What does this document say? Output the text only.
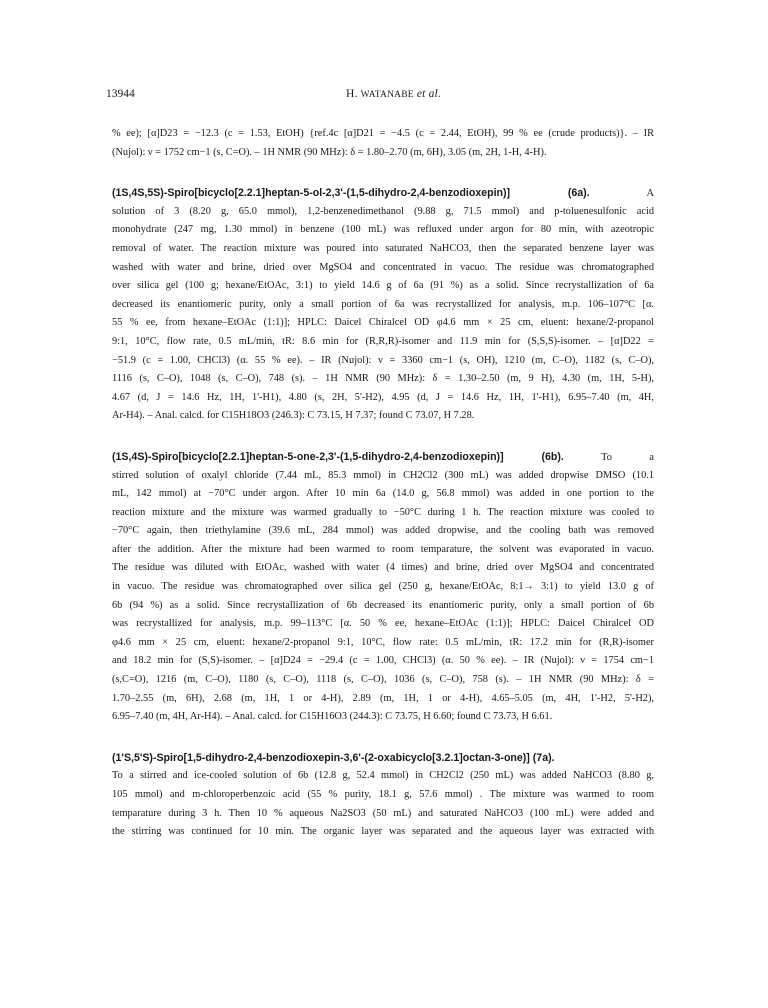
13944	H. WATANABE et al.
% ee); [α]D23 = −12.3 (c = 1.53, EtOH) {ref.4c [α]D21 = −4.5 (c = 2.44, EtOH), 99 % ee (crude products)}. – IR
(Nujol): ν = 1752 cm−1 (s, C=O). – 1H NMR (90 MHz): δ = 1.80–2.70 (m, 6H), 3.05 (m, 2H, 1-H, 4-H).
(1S,4S,5S)-Spiro[bicyclo[2.2.1]heptan-5-ol-2,3'-(1,5-dihydro-2,4-benzodioxepin)] (6a). A
solution of 3 (8.20 g, 65.0 mmol), 1,2-benzenedimethanol (9.88 g, 71.5 mmol) and p-toluenesulfonic acid
monohydrate (247 mg, 1.30 mmol) in benzene (100 mL) was refluxed under argon for 80 min, with azeotropic
removal of water. The reaction mixture was poured into saturated NaHCO3, then the separated benzene layer was
washed with water and brine, dried over MgSO4 and concentrated in vacuo. The residue was chromatographed
over silica gel (100 g; hexane/EtOAc, 3:1) to yield 14.6 g of 6a (91 %) as a solid. Since recrystallization of 6a
decreased its enantiomeric purity, only a small portion of 6a was recrystallized for analysis, m.p. 106–107°C [α.
55 % ee, from hexane–EtOAc (1:1)]; HPLC: Daicel Chiralcel OD φ4.6 mm × 25 cm, eluent: hexane/2-propanol
9:1, 10°C, flow rate, 0.5 mL/min, tR: 8.6 min for (R,R,R)-isomer and 11.9 min for (S,S,S)-isomer. – [α]D22 =
−51.9 (c = 1.00, CHCl3) (α. 55 % ee). – IR (Nujol): ν = 3360 cm−1 (s, OH), 1210 (m, C–O), 1182 (s, C–O),
1116 (s, C–O), 1048 (s, C–O), 748 (s). – 1H NMR (90 MHz): δ = 1.30–2.50 (m, 9 H), 4.30 (m, 1H, 5-H),
4.67 (d, J = 14.6 Hz, 1H, 1'-H1), 4.80 (s, 2H, 5'-H2), 4.95 (d, J = 14.6 Hz, 1H, 1'-H1), 6.95–7.40 (m, 4H,
Ar-H4). – Anal. calcd. for C15H18O3 (246.3): C 73.15, H 7.37; found C 73.07, H 7.28.
(1S,4S)-Spiro[bicyclo[2.2.1]heptan-5-one-2,3'-(1,5-dihydro-2,4-benzodioxepin)] (6b). To a
stirred solution of oxalyl chloride (7.44 mL, 85.3 mmol) in CH2Cl2 (300 mL) was added dropwise DMSO (10.1
mL, 142 mmol) at −70°C under argon. After 10 min 6a (14.0 g, 56.8 mmol) was added in one portion to the
reaction mixture and the mixture was warmed gradually to −50°C during 1 h. The reaction mixture was cooled to
−70°C again, then triethylamine (39.6 mL, 284 mmol) was added dropwise, and the cooling bath was removed
after the addition. After the mixture had been warmed to room temparature, the solvent was evaporated in vacuo.
The residue was diluted with EtOAc, washed with water (4 times) and brine, dried over MgSO4 and concentrated
in vacuo. The residue was chromatographed over silica gel (250 g, hexane/EtOAc, 8:1→ 3:1) to yield 13.0 g of
6b (94 %) as a solid. Since recrystallization of 6b decreased its enantiomeric purity, only a small portion of 6b
was recrystallized for analysis, m.p. 99–113°C [α. 50 % ee, hexane–EtOAc (1:1)]; HPLC: Daicel Chiralcel OD
φ4.6 mm × 25 cm, eluent: hexane/2-propanol 9:1, 10°C, flow rate: 0.5 mL/min, tR: 17.2 min for (R,R)-isomer
and 18.2 min for (S,S)-isomer. – [α]D24 = −29.4 (c = 1.00, CHCl3) (α. 50 % ee). – IR (Nujol): ν = 1754 cm−1
(s,C=O), 1216 (m, C–O), 1180 (s, C–O), 1118 (s, C–O), 1036 (s, C–O), 758 (s). – 1H NMR (90 MHz): δ =
1.70–2.55 (m, 6H), 2.68 (m, 1H, 1 or 4-H), 2.89 (m, 1H, 1 or 4-H), 4.65–5.05 (m, 4H, 1'-H2, 5'-H2),
6.95–7.40 (m, 4H, Ar-H4). – Anal. calcd. for C15H16O3 (244.3): C 73.75, H 6.60; found C 73.73, H 6.61.
(1'S,5'S)-Spiro[1,5-dihydro-2,4-benzodioxepin-3,6'-(2-oxabicyclo[3.2.1]octan-3-one)] (7a).
To a stirred and ice-cooled solution of 6b (12.8 g, 52.4 mmol) in CH2Cl2 (250 mL) was added NaHCO3 (8.80 g,
105 mmol) and m-chloroperbenzoic acid (55 % purity, 18.1 g, 57.6 mmol) . The mixture was warmed to room
temparature during 3 h. Then 10 % aqueous Na2SO3 (50 mL) and saturated NaHCO3 (100 mL) were added and
the stirring was continued for 10 min. The organic layer was separated and the aqueous layer was extracted with
